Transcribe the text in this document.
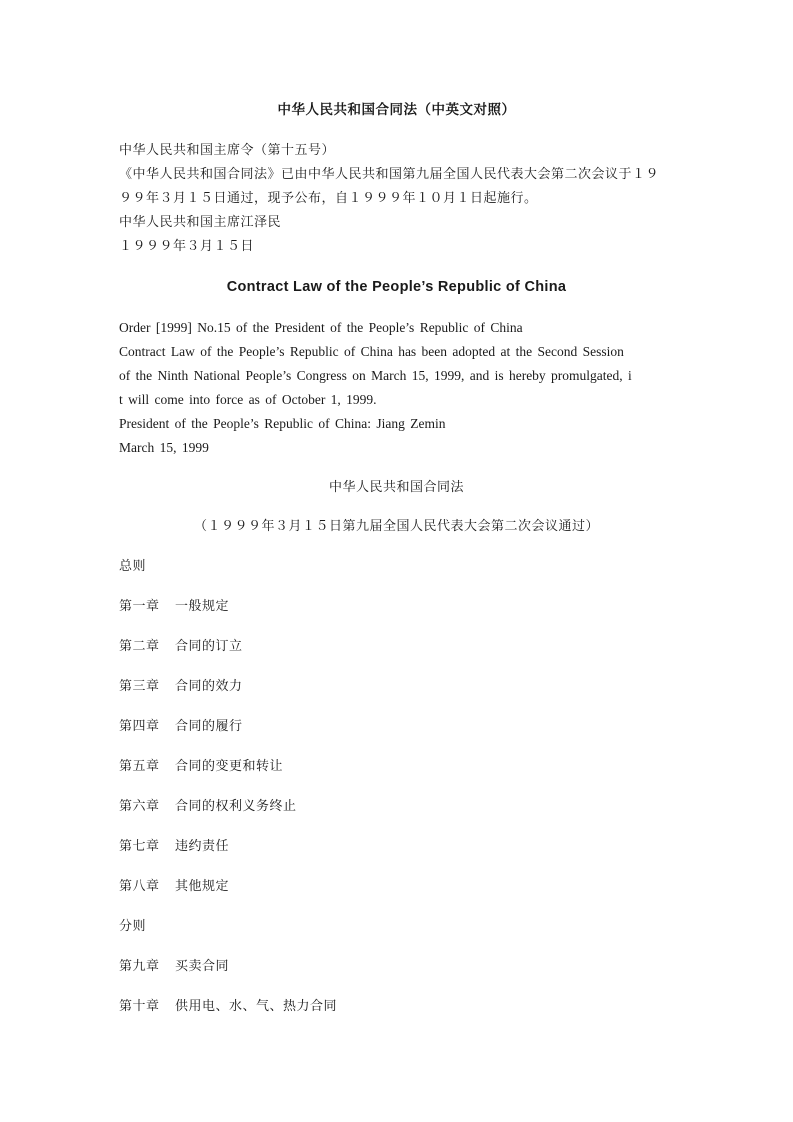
中华人民共和国合同法（中英文对照）
中华人民共和国主席令（第十五号）
《中华人民共和国合同法》已由中华人民共和国第九届全国人民代表大会第二次会议于１９
９９年３月１５日通过，现予公布，自１９９９年１０月１日起施行。
中华人民共和国主席江泽民
１９９９年３月１５日
Contract Law of the People’s Republic of China
Order [1999] No.15 of the President of the People’s Republic of China
Contract Law of the People’s Republic of China has been adopted at the Second Session
of the Ninth National People’s Congress on March 15, 1999, and is hereby promulgated, i
t will come into force as of October 1, 1999.
President of the People’s Republic of China: Jiang Zemin
March 15, 1999
中华人民共和国合同法
（１９９９年３月１５日第九届全国人民代表大会第二次会议通过）
总则
第一章 一般规定
第二章 合同的订立
第三章 合同的效力
第四章 合同的履行
第五章 合同的变更和转让
第六章 合同的权利义务终止
第七章 违约责任
第八章 其他规定
分则
第九章 买卖合同
第十章 供用电、水、气、热力合同
